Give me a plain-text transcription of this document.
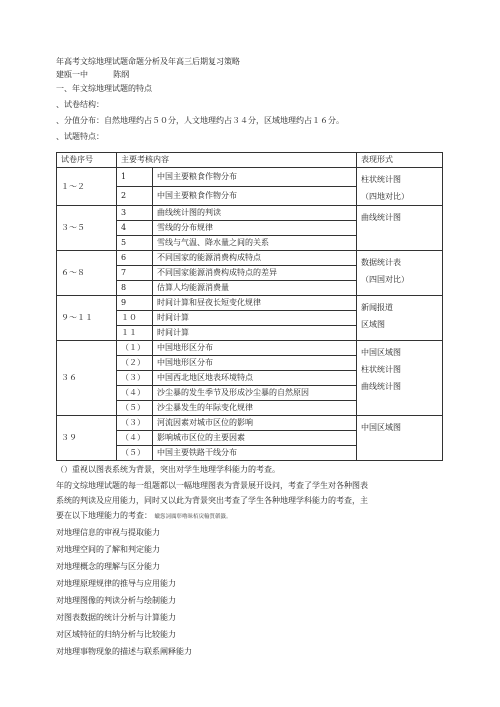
年高考文综地理试题命题分析及年高三后期复习策略
建瓯一中	陈纲
一、年文综地理试题的特点
、试卷结构：
、分值分布：自然地理约占５０分，人文地理约占３４分，区域地理约占１６分。
、试题特点：
试卷序号	主要考核内容		表现形式
１～２	1	中国主要粮食作物分布	柱状统计图
（四地对比）

	2	中国主要粮食作物分布	
３～５	3	曲线统计图的判读	曲线统计图

	4	雪线的分布规律	
	5	雪线与气温、降水量之间的关系	
６～８	6	不同国家的能源消费构成特点	数据统计表
（四国对比）

	7	不同国家能源消费构成特点的差异	
	8	估算人均能源消费量	
９～１１	9	时间计算和昼夜长短变化规律	新闻报道
区域图

	１０	时间计算	
	１１	时间计算	
３６	（１）	中国地形区分布	中国区域图
柱状统计图
曲线统计图

	（２）	中国地形区分布	
	（３）	中国西北地区地表环境特点	
	（４）	沙尘暴的发生季节及形成沙尘暴的自然原因	
	（５）	沙尘暴发生的年际变化规律	
３９	（３）	河流因素对城市区位的影响	中国区域图

	（４）	影响城市区位的主要因素	
	（５）	中国主要铁路干线分布	
（）重视以图表系统为背景，突出对学生地理学科能力的考查。
年的文综地理试题的每一组题都以一幅地理图表为背景展开设问，考查了学生对各种图表
系统的判读及应用能力，同时又以此为背景突出考查了学生各种地理学科能力的考查，主
要在以下地理能力的考查： 蠟慫詞厲彰嚕昧栢戾輸質韜籤。
对地理信息的审视与提取能力
对地理空间的了解和判定能力
对地理概念的理解与区分能力
对地理原理规律的推导与应用能力
对地理图像的判读分析与绘制能力
对图表数据的统计分析与计算能力
对区域特征的归纳分析与比较能力
对地理事物现象的描述与联系阐释能力
